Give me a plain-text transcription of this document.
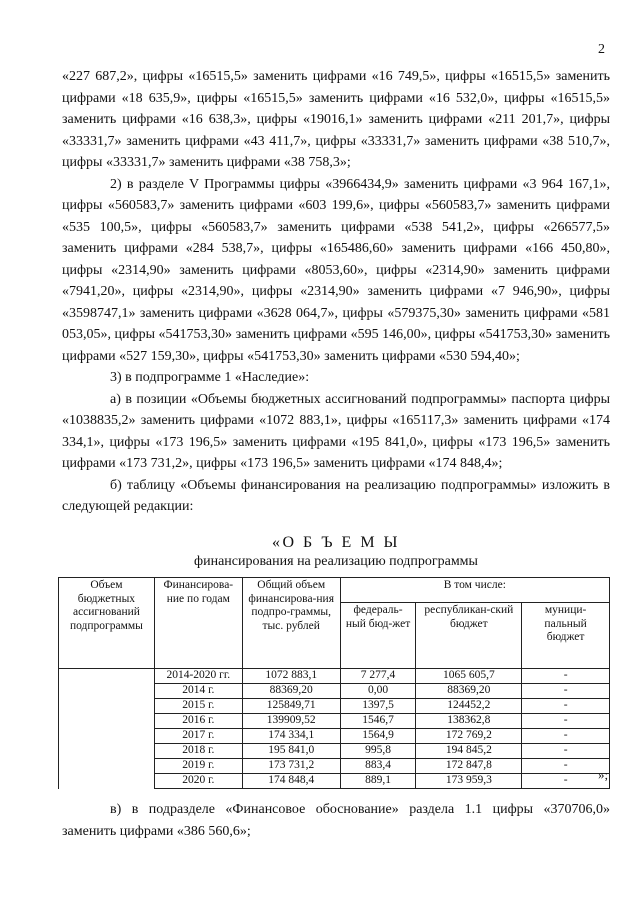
2

«227 687,2», цифры «16515,5» заменить цифрами «16 749,5», цифры «16515,5» заменить цифрами «18 635,9», цифры «16515,5» заменить цифрами «16 532,0», цифры «16515,5» заменить цифрами «16 638,3», цифры «19016,1» заменить цифрами «211 201,7», цифры «33331,7» заменить цифрами «43 411,7», цифры «33331,7» заменить цифрами «38 510,7», цифры «33331,7» заменить цифрами «38 758,3»;

2) в разделе V Программы цифры «3966434,9» заменить цифрами «3 964 167,1», цифры «560583,7» заменить цифрами «603 199,6», цифры «560583,7» заменить цифрами «535 100,5», цифры «560583,7» заменить цифрами «538 541,2», цифры «266577,5» заменить цифрами «284 538,7», цифры «165486,60» заменить цифрами «166 450,80», цифры «2314,90» заменить цифрами «8053,60», цифры «2314,90» заменить цифрами «7941,20», цифры «2314,90», цифры «2314,90» заменить цифрами «7 946,90», цифры «3598747,1» заменить цифрами «3628 064,7», цифры «579375,30» заменить цифрами «581 053,05», цифры «541753,30» заменить цифрами «595 146,00», цифры «541753,30» заменить цифрами «527 159,30», цифры «541753,30» заменить цифрами «530 594,40»;

3) в подпрограмме 1 «Наследие»:

а) в позиции «Объемы бюджетных ассигнований подпрограммы» паспорта цифры «1038835,2» заменить цифрами «1072 883,1», цифры «165117,3» заменить цифрами «174 334,1», цифры «173 196,5» заменить цифрами «195 841,0», цифры «173 196,5» заменить цифрами «173 731,2», цифры «173 196,5» заменить цифрами «174 848,4»;

б) таблицу «Объемы финансирования на реализацию подпрограммы» изложить в следующей редакции:

«О Б Ъ Е М Ы
финансирования на реализацию подпрограммы
Объем бюджетных ассигнований подпрограммы	Финансирова-ние по годам	Общий объем финансирова-ния подпро-граммы, тыс. рублей	В том числе:		
			федераль-ный бюд-жет	республикан-ский бюджет	муници-пальный бюджет
	2014-2020 гг.	1072 883,1	7 277,4	1065 605,7	-
	2014 г.	88369,20	0,00	88369,20	-
	2015 г.	125849,71	1397,5	124452,2	-
	2016 г.	139909,52	1546,7	138362,8	-
	2017 г.	174 334,1	1564,9	172 769,2	-
	2018 г.	195 841,0	995,8	194 845,2	-
	2019 г.	173 731,2	883,4	172 847,8	-
	2020 г.	174 848,4	889,1	173 959,3	- »;

в) в подразделе «Финансовое обоснование» раздела 1.1 цифры «370706,0» заменить цифрами «386 560,6»;
